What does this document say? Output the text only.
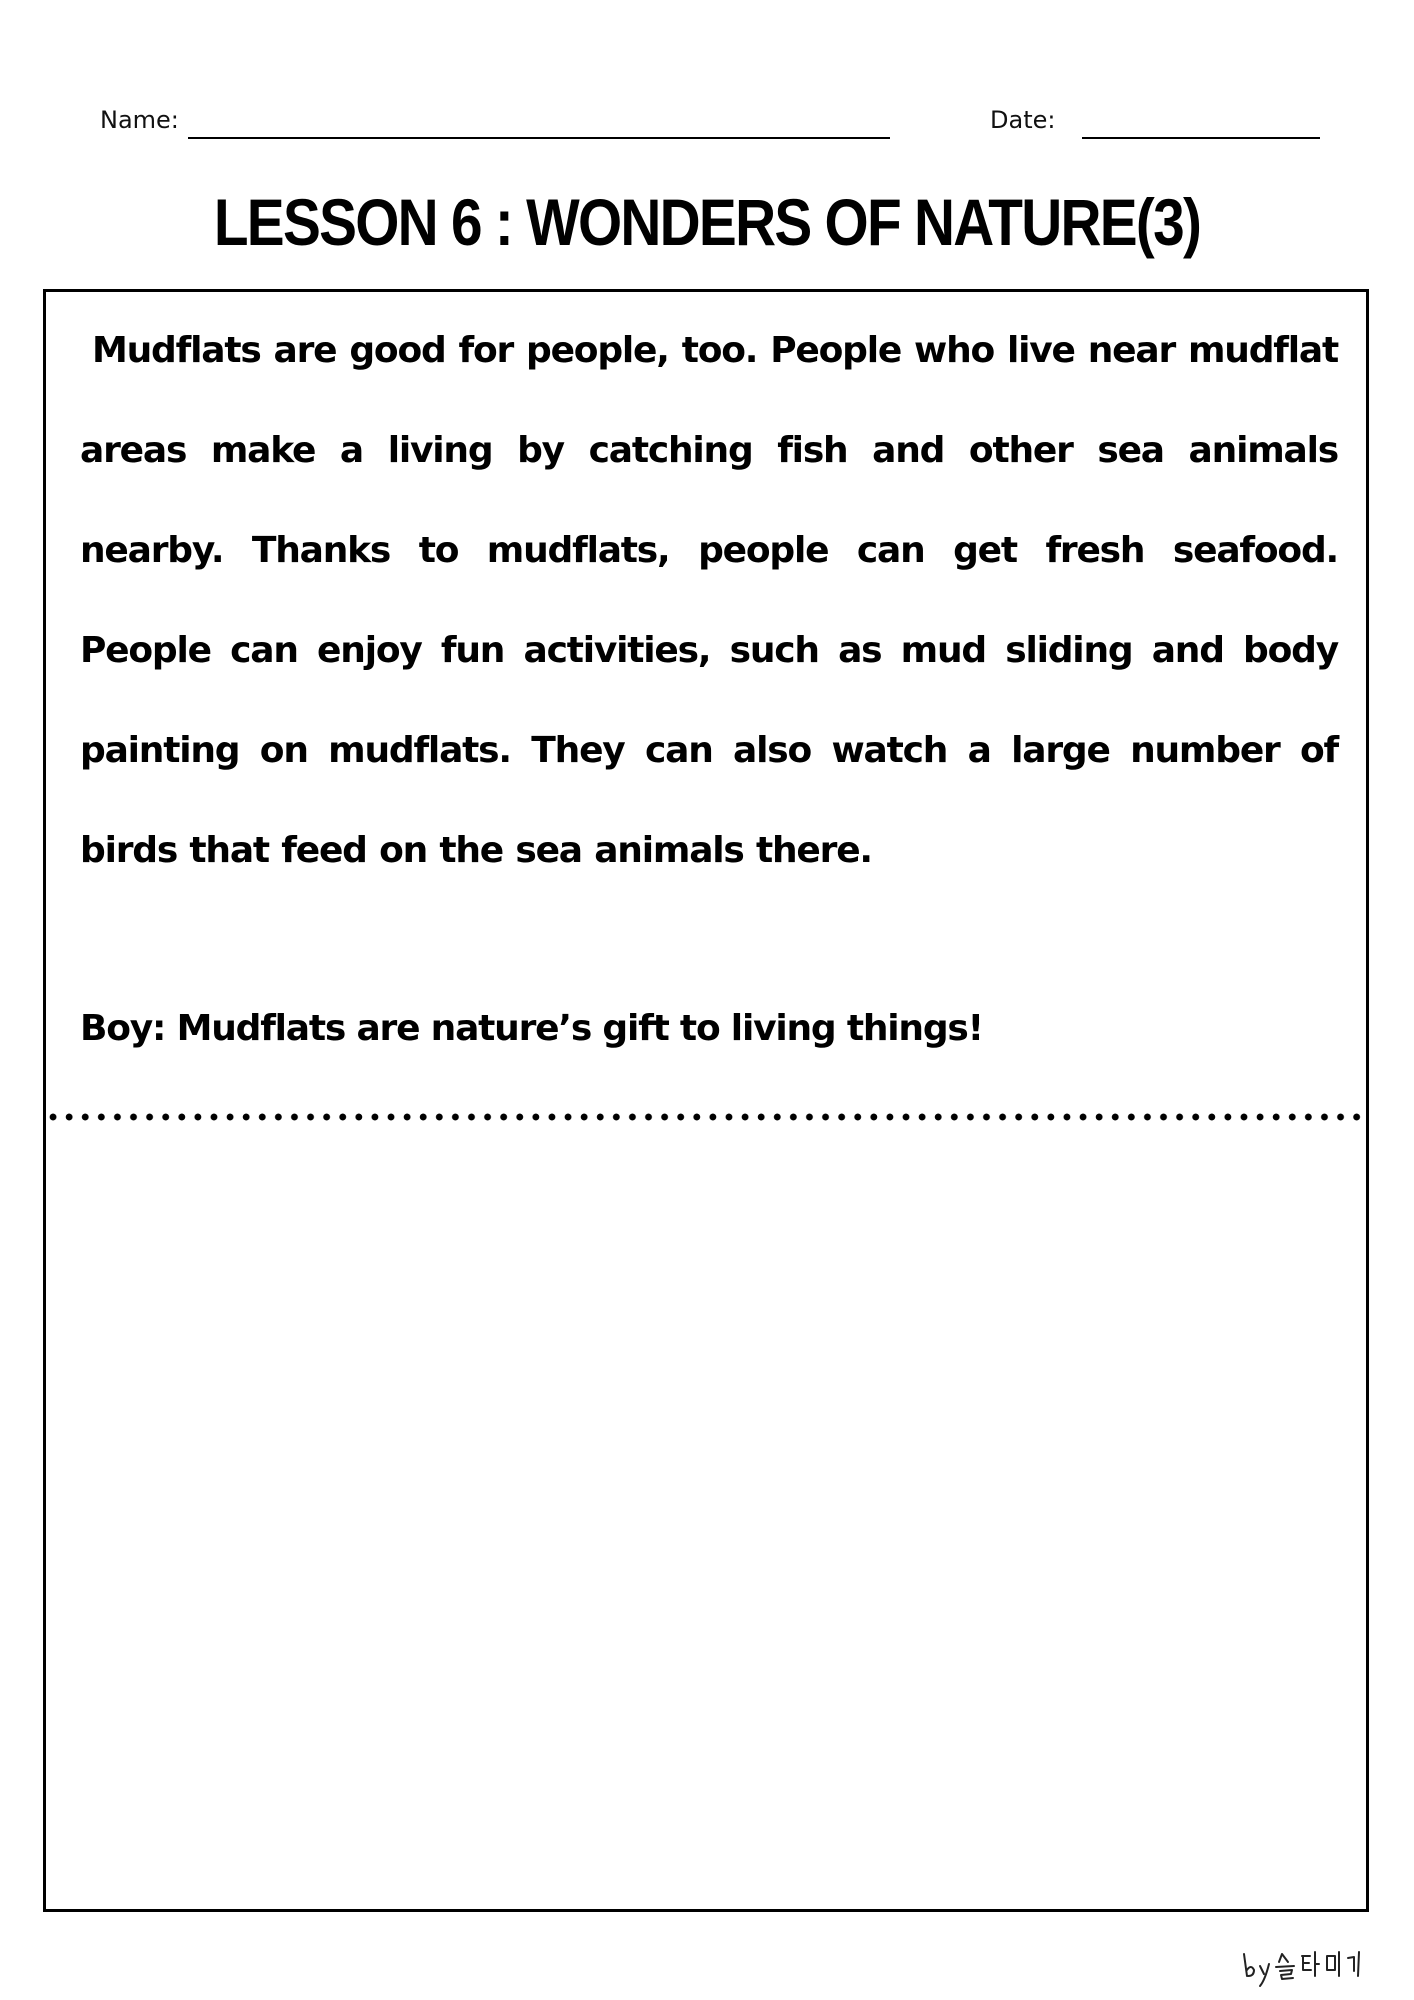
Name:	Date:
LESSON 6 : WONDERS OF NATURE(3)

Mudflats are good for people, too. People who live near mudflat areas make a living by catching fish and other sea animals nearby. Thanks to mudflats, people can get fresh seafood. People can enjoy fun activities, such as mud sliding and body painting on mudflats. They can also watch a large number of birds that feed on the sea animals there.

Boy: Mudflats are nature’s gift to living things!
